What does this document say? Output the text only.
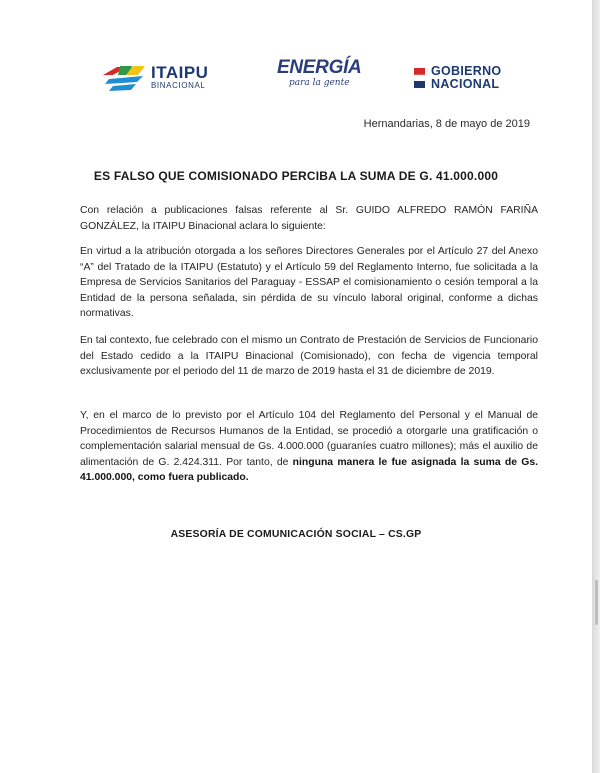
ITAIPU
BINACIONAL
ENERGÍA
para la gente
GOBIERNO
NACIONAL
Hernandarias, 8 de mayo de 2019
ES FALSO QUE COMISIONADO PERCIBA LA SUMA DE G. 41.000.000
Con relación a publicaciones falsas referente al Sr. GUIDO ALFREDO RAMÓN FARIÑA GONZÁLEZ, la ITAIPU Binacional aclara lo siguiente:
En virtud a la atribución otorgada a los señores Directores Generales por el Artículo 27 del Anexo “A” del Tratado de la ITAIPU (Estatuto) y el Artículo 59 del Reglamento Interno, fue solicitada a la Empresa de Servicios Sanitarios del Paraguay - ESSAP el comisionamiento o cesión temporal a la Entidad de la persona señalada, sin pérdida de su vínculo laboral original, conforme a dichas normativas.
En tal contexto, fue celebrado con el mismo un Contrato de Prestación de Servicios de Funcionario del Estado cedido a la ITAIPU Binacional (Comisionado), con fecha de vigencia temporal exclusivamente por el periodo del 11 de marzo de 2019 hasta el 31 de diciembre de 2019.
Y, en el marco de lo previsto por el Artículo 104 del Reglamento del Personal y el Manual de Procedimientos de Recursos Humanos de la Entidad, se procedió a otorgarle una gratificación o complementación salarial mensual de Gs. 4.000.000 (guaraníes cuatro millones); más el auxilio de alimentación de G. 2.424.311. Por tanto, de ninguna manera le fue asignada la suma de Gs. 41.000.000, como fuera publicado.
ASESORÍA DE COMUNICACIÓN SOCIAL – CS.GP
